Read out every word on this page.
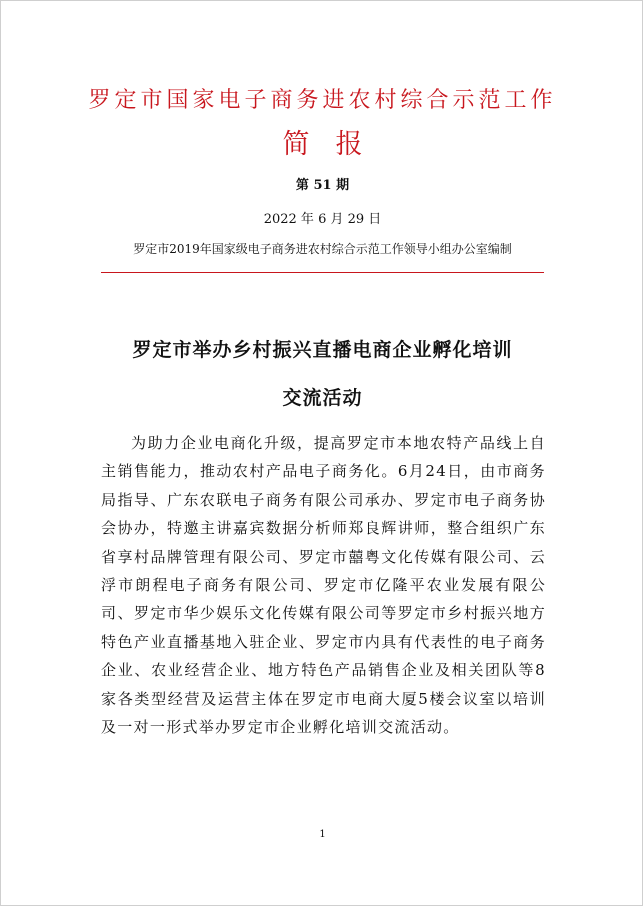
罗定市国家电子商务进农村综合示范工作
简报
第 51 期
2022 年 6 月 29 日
罗定市2019年国家级电子商务进农村综合示范工作领导小组办公室编制
罗定市举办乡村振兴直播电商企业孵化培训
交流活动
为助力企业电商化升级，提高罗定市本地农特产品线上自主销售能力，推动农村产品电子商务化。6月24日，由市商务局指导、广东农联电子商务有限公司承办、罗定市电子商务协会协办，特邀主讲嘉宾数据分析师郑良辉讲师，整合组织广东省享村品牌管理有限公司、罗定市囍粤文化传媒有限公司、云浮市朗程电子商务有限公司、罗定市亿隆平农业发展有限公司、罗定市华少娱乐文化传媒有限公司等罗定市乡村振兴地方特色产业直播基地入驻企业、罗定市内具有代表性的电子商务企业、农业经营企业、地方特色产品销售企业及相关团队等8家各类型经营及运营主体在罗定市电商大厦5楼会议室以培训及一对一形式举办罗定市企业孵化培训交流活动。
1
